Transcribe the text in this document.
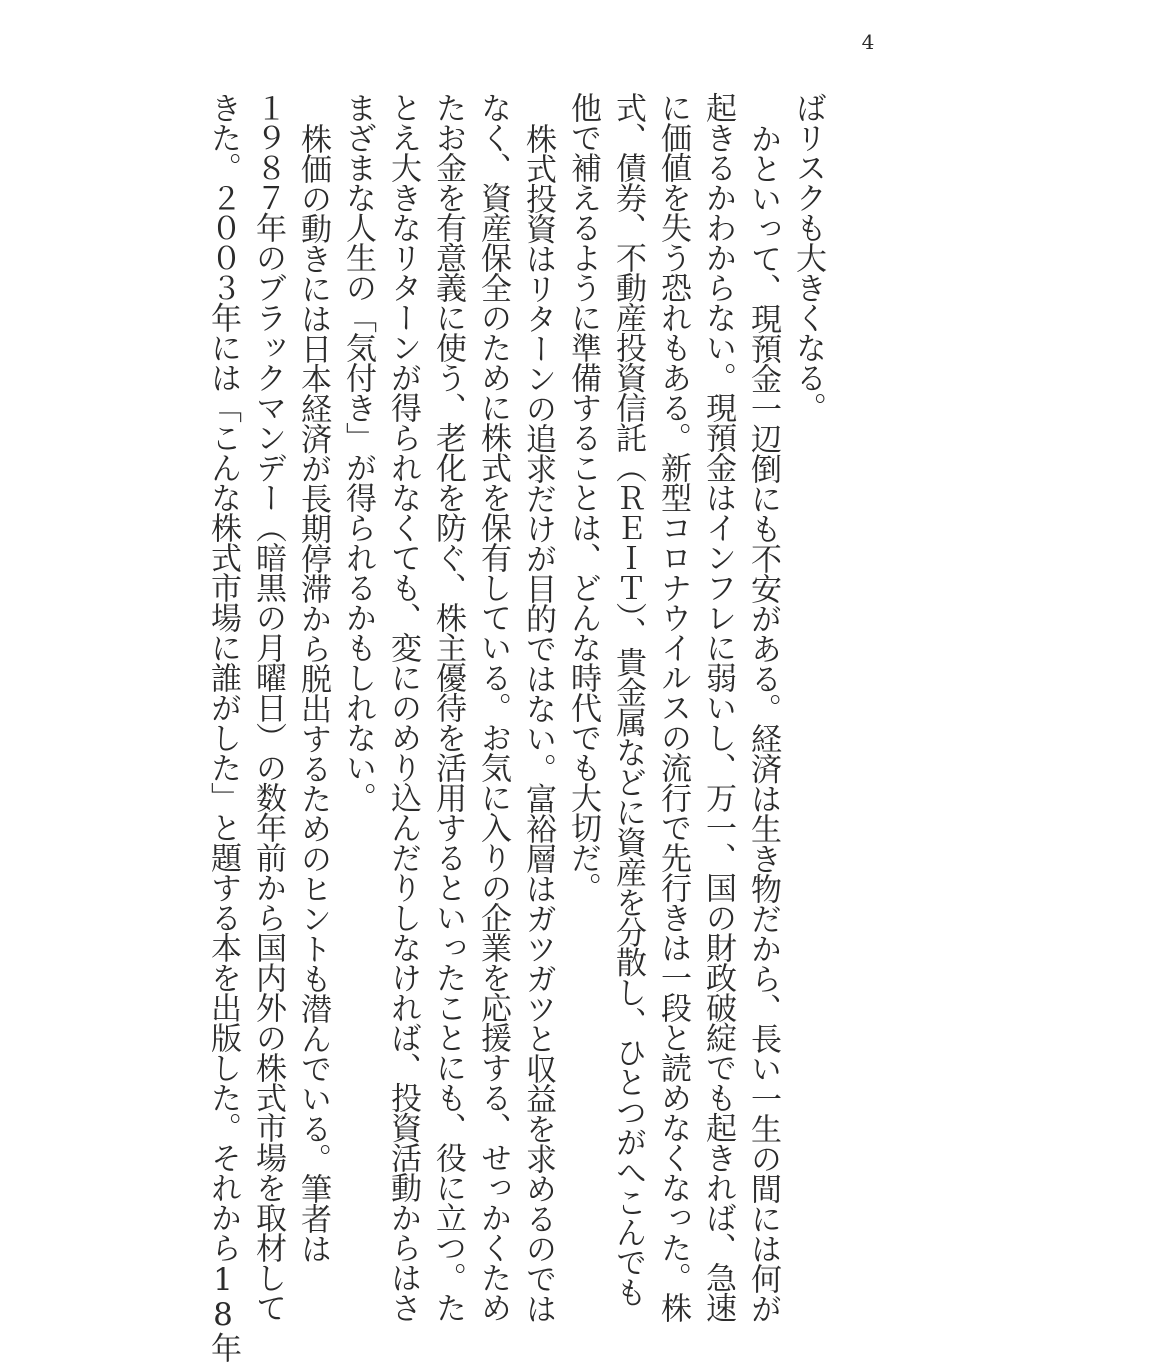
4
ばリスクも大きくなる。
かといって、現預金一辺倒にも不安がある。経済は生き物だから、長い一生の間には何が
起きるかわからない。現預金はインフレに弱いし、万一、国の財政破綻でも起きれば、急速
に価値を失う恐れもある。新型コロナウイルスの流行で先行きは一段と読めなくなった。株
式、債券、不動産投資信託（ＲＥＩＴ）、貴金属などに資産を分散し、ひとつがへこんでも
他で補えるように準備することは、どんな時代でも大切だ。
株式投資はリターンの追求だけが目的ではない。富裕層はガツガツと収益を求めるのでは
なく、資産保全のために株式を保有している。お気に入りの企業を応援する、せっかくため
たお金を有意義に使う、老化を防ぐ、株主優待を活用するといったことにも、役に立つ。た
とえ大きなリターンが得られなくても、変にのめり込んだりしなければ、投資活動からはさ
まざまな人生の「気付き」が得られるかもしれない。
株価の動きには日本経済が長期停滞から脱出するためのヒントも潜んでいる。筆者は
１９８７年のブラックマンデー（暗黒の月曜日）の数年前から国内外の株式市場を取材して
きた。２００３年には「こんな株式市場に誰がした」と題する本を出版した。それから18年
